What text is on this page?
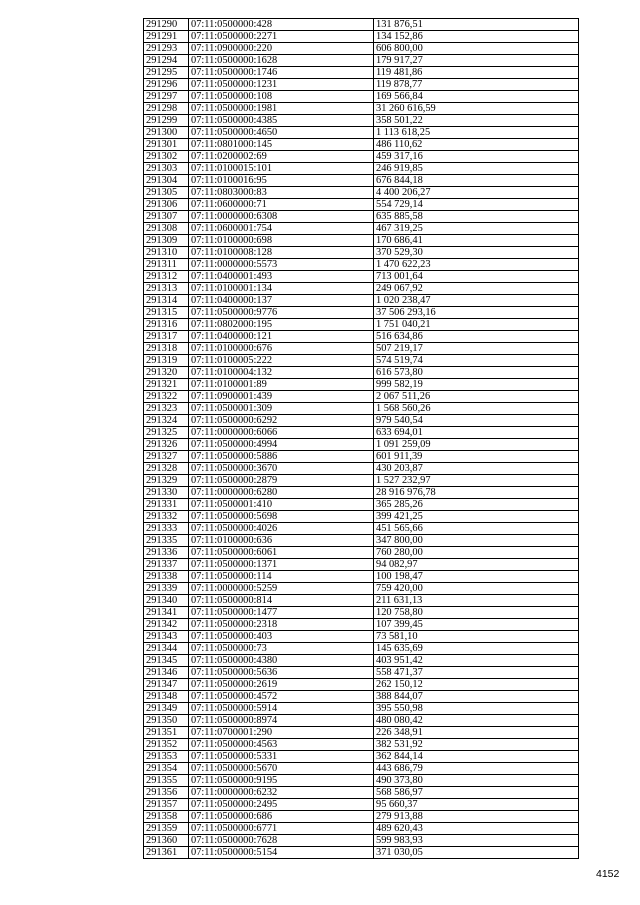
291290	07:11:0500000:428	131 876,51
291291	07:11:0500000:2271	134 152,86
291293	07:11:0900000:220	606 800,00
291294	07:11:0500000:1628	179 917,27
291295	07:11:0500000:1746	119 481,86
291296	07:11:0500000:1231	119 878,77
291297	07:11:0500000:108	169 566,84
291298	07:11:0500000:1981	31 260 616,59
291299	07:11:0500000:4385	358 501,22
291300	07:11:0500000:4650	1 113 618,25
291301	07:11:0801000:145	486 110,62
291302	07:11:0200002:69	459 317,16
291303	07:11:0100015:101	246 919,85
291304	07:11:0100016:95	676 844,18
291305	07:11:0803000:83	4 400 206,27
291306	07:11:0600000:71	554 729,14
291307	07:11:0000000:6308	635 885,58
291308	07:11:0600001:754	467 319,25
291309	07:11:0100000:698	170 686,41
291310	07:11:0100008:128	370 529,30
291311	07:11:0000000:5573	1 470 622,23
291312	07:11:0400001:493	713 001,64
291313	07:11:0100001:134	249 067,92
291314	07:11:0400000:137	1 020 238,47
291315	07:11:0500000:9776	37 506 293,16
291316	07:11:0802000:195	1 751 040,21
291317	07:11:0400000:121	516 634,86
291318	07:11:0100000:676	507 219,17
291319	07:11:0100005:222	574 519,74
291320	07:11:0100004:132	616 573,80
291321	07:11:0100001:89	999 582,19
291322	07:11:0900001:439	2 067 511,26
291323	07:11:0500001:309	1 568 560,26
291324	07:11:0500000:6292	979 540,54
291325	07:11:0000000:6066	633 694,01
291326	07:11:0500000:4994	1 091 259,09
291327	07:11:0500000:5886	601 911,39
291328	07:11:0500000:3670	430 203,87
291329	07:11:0500000:2879	1 527 232,97
291330	07:11:0000000:6280	28 916 976,78
291331	07:11:0500001:410	365 285,26
291332	07:11:0500000:5698	399 421,25
291333	07:11:0500000:4026	451 565,66
291335	07:11:0100000:636	347 800,00
291336	07:11:0500000:6061	760 280,00
291337	07:11:0500000:1371	94 082,97
291338	07:11:0500000:114	100 198,47
291339	07:11:0000000:5259	759 420,00
291340	07:11:0500000:814	211 631,13
291341	07:11:0500000:1477	120 758,80
291342	07:11:0500000:2318	107 399,45
291343	07:11:0500000:403	73 581,10
291344	07:11:0500000:73	145 635,69
291345	07:11:0500000:4380	403 951,42
291346	07:11:0500000:5636	558 471,37
291347	07:11:0500000:2619	262 150,12
291348	07:11:0500000:4572	388 844,07
291349	07:11:0500000:5914	395 550,98
291350	07:11:0500000:8974	480 080,42
291351	07:11:0700001:290	226 348,91
291352	07:11:0500000:4563	382 531,92
291353	07:11:0500000:5331	362 844,14
291354	07:11:0500000:5670	443 686,79
291355	07:11:0500000:9195	490 373,80
291356	07:11:0000000:6232	568 586,97
291357	07:11:0500000:2495	95 660,37
291358	07:11:0500000:686	279 913,88
291359	07:11:0500000:6771	489 620,43
291360	07:11:0500000:7628	599 983,93
291361	07:11:0500000:5154	371 030,05
4152
